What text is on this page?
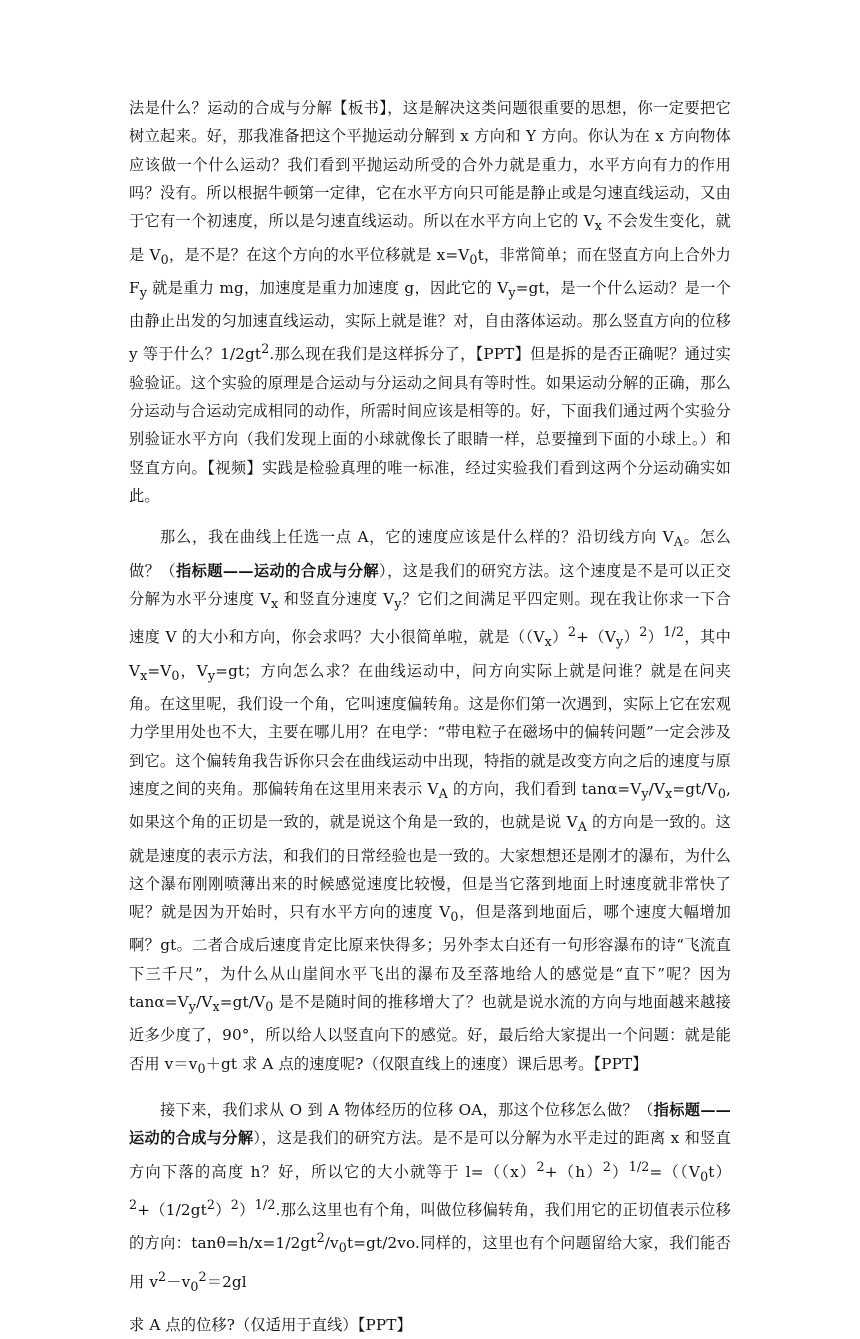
法是什么？运动的合成与分解【板书】，这是解决这类问题很重要的思想，你一定要把它树立起来。好，那我准备把这个平抛运动分解到 x 方向和 Y 方向。你认为在 x 方向物体应该做一个什么运动？我们看到平抛运动所受的合外力就是重力，水平方向有力的作用吗？没有。所以根据牛顿第一定律，它在水平方向只可能是静止或是匀速直线运动，又由于它有一个初速度，所以是匀速直线运动。所以在水平方向上它的 $V_x$ 不会发生变化，就是 $V_0$，是不是？在这个方向的水平位移就是 $x=V_0t$，非常简单；而在竖直方向上合外力 $F_y$ 就是重力 mg，加速度是重力加速度 g，因此它的 $V_y=gt$，是一个什么运动？是一个由静止出发的匀加速直线运动，实际上就是谁？对，自由落体运动。那么竖直方向的位移 y 等于什么？$1/2gt^2$.那么现在我们是这样拆分了，【PPT】但是拆的是否正确呢？通过实验验证。这个实验的原理是合运动与分运动之间具有等时性。如果运动分解的正确，那么分运动与合运动完成相同的动作，所需时间应该是相等的。好，下面我们通过两个实验分别验证水平方向（我们发现上面的小球就像长了眼睛一样，总要撞到下面的小球上。）和竖直方向。【视频】实践是检验真理的唯一标准，经过实验我们看到这两个分运动确实如此。

那么，我在曲线上任选一点 A，它的速度应该是什么样的？沿切线方向 $V_A$。怎么做？（指标题——运动的合成与分解），这是我们的研究方法。这个速度是不是可以正交分解为水平分速度 $V_x$ 和竖直分速度 $V_y$？它们之间满足平四定则。现在我让你求一下合速度 V 的大小和方向，你会求吗？大小很简单啦，就是$((V_x)^2+(V_y)^2)^{1/2}$，其中 $V_x=V_0$，$V_y=gt$；方向怎么求？在曲线运动中，问方向实际上就是问谁？就是在问夹角。在这里呢，我们设一个角，它叫速度偏转角。这是你们第一次遇到，实际上它在宏观力学里用处也不大，主要在哪儿用？在电学：“带电粒子在磁场中的偏转问题”一定会涉及到它。这个偏转角我告诉你只会在曲线运动中出现，特指的就是改变方向之后的速度与原速度之间的夹角。那偏转角在这里用来表示 $V_A$ 的方向，我们看到 $\tan\alpha=V_y/V_x=gt/V_0$,如果这个角的正切是一致的，就是说这个角是一致的，也就是说 $V_A$ 的方向是一致的。这就是速度的表示方法，和我们的日常经验也是一致的。大家想想还是刚才的瀑布，为什么这个瀑布刚刚喷薄出来的时候感觉速度比较慢，但是当它落到地面上时速度就非常快了呢？就是因为开始时，只有水平方向的速度 $V_0$，但是落到地面后，哪个速度大幅增加啊？gt。二者合成后速度肯定比原来快得多；另外李太白还有一句形容瀑布的诗“飞流直下三千尺”，为什么从山崖间水平飞出的瀑布及至落地给人的感觉是“直下”呢？因为 $\tan\alpha=V_y/V_x=gt/V_0$ 是不是随时间的推移增大了？也就是说水流的方向与地面越来越接近多少度了，90°，所以给人以竖直向下的感觉。好，最后给大家提出一个问题：就是能否用 $v=v_0+gt$ 求 A 点的速度呢?（仅限直线上的速度）课后思考。【PPT】

接下来，我们求从 O 到 A 物体经历的位移 OA，那这个位移怎么做？（指标题——运动的合成与分解），这是我们的研究方法。是不是可以分解为水平走过的距离 x 和竖直方向下落的高度 h？好，所以它的大小就等于 $l=((x)^2+(h)^2)^{1/2}=((V_0t)^2+(1/2gt^2)^2)^{1/2}$.那么这里也有个角，叫做位移偏转角，我们用它的正切值表示位移的方向：$\tan\theta=h/x=1/2gt^2/v_0t=gt/2vo$.同样的，这里也有个问题留给大家，我们能否用 $v^2-v_0^2=2gl$

求 A 点的位移?（仅适用于直线）【PPT】
